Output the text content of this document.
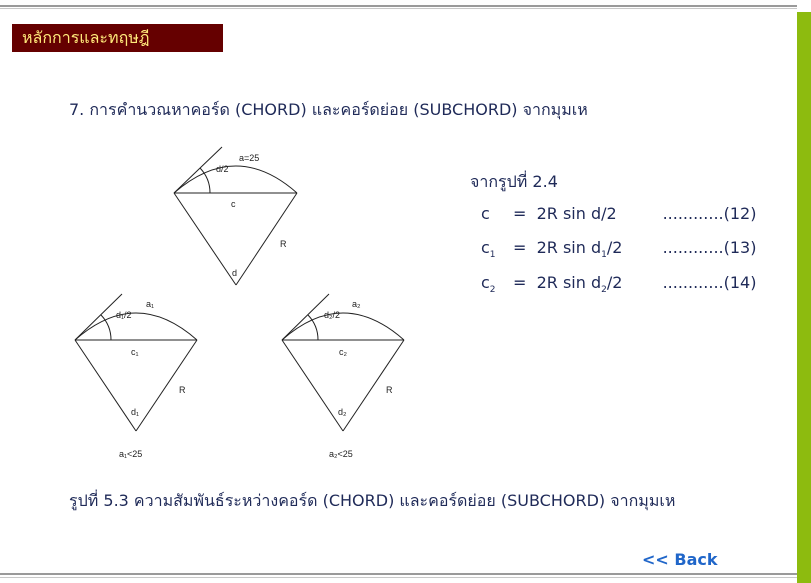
หลักการและทฤษฎี
7. การคำนวณหาคอร์ด (CHORD) และคอร์ดย่อย (SUBCHORD) จากมุมเห
d/2
a=25
c
R
d
d₁/2
a₁
c₁
R
d₁
a₁<25
d₂/2
a₂
c₂
R
d₂
a₂<25
จากรูปที่ 2.4
c = 2R sin d/2	............(12)
$c_1 = 2R$ $\sin d_1/2$	............(13)
$c_2 = 2R$ $\sin d_2/2$	............(14)
รูปที่ 5.3 ความสัมพันธ์ระหว่างคอร์ด (CHORD) และคอร์ดย่อย (SUBCHORD) จากมุมเห
<< Back
